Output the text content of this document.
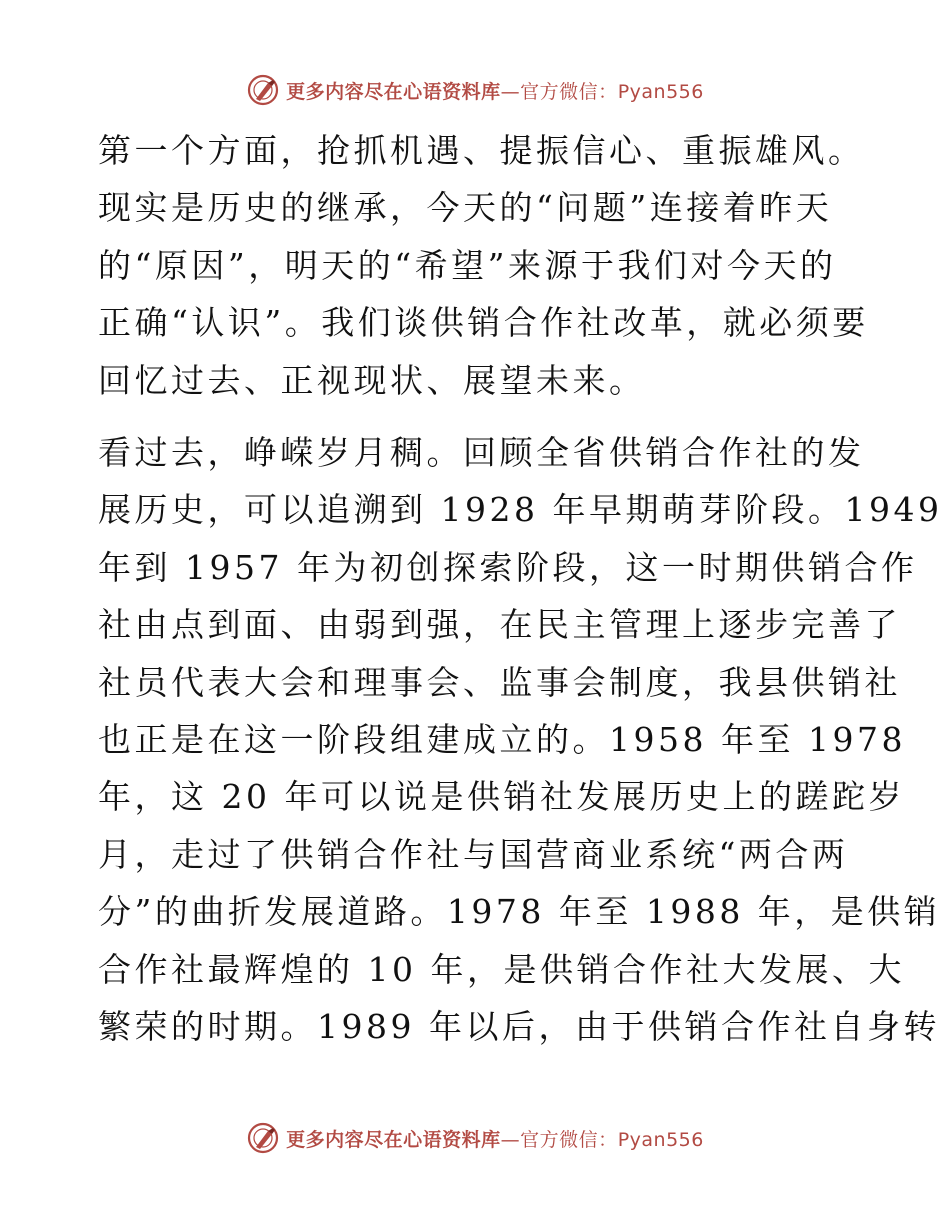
更多内容尽在心语资料库—官方微信：Pyan556

第一个方面，抢抓机遇、提振信心、重振雄风。
现实是历史的继承，今天的“问题”连接着昨天
的“原因”，明天的“希望”来源于我们对今天的
正确“认识”。我们谈供销合作社改革，就必须要
回忆过去、正视现状、展望未来。

看过去，峥嵘岁月稠。回顾全省供销合作社的发
展历史，可以追溯到 1928 年早期萌芽阶段。1949
年到 1957 年为初创探索阶段，这一时期供销合作
社由点到面、由弱到强，在民主管理上逐步完善了
社员代表大会和理事会、监事会制度，我县供销社
也正是在这一阶段组建成立的。1958 年至 1978
年，这 20 年可以说是供销社发展历史上的蹉跎岁
月，走过了供销合作社与国营商业系统“两合两
分”的曲折发展道路。1978 年至 1988 年，是供销
合作社最辉煌的 10 年，是供销合作社大发展、大
繁荣的时期。1989 年以后，由于供销合作社自身转

更多内容尽在心语资料库—官方微信：Pyan556
